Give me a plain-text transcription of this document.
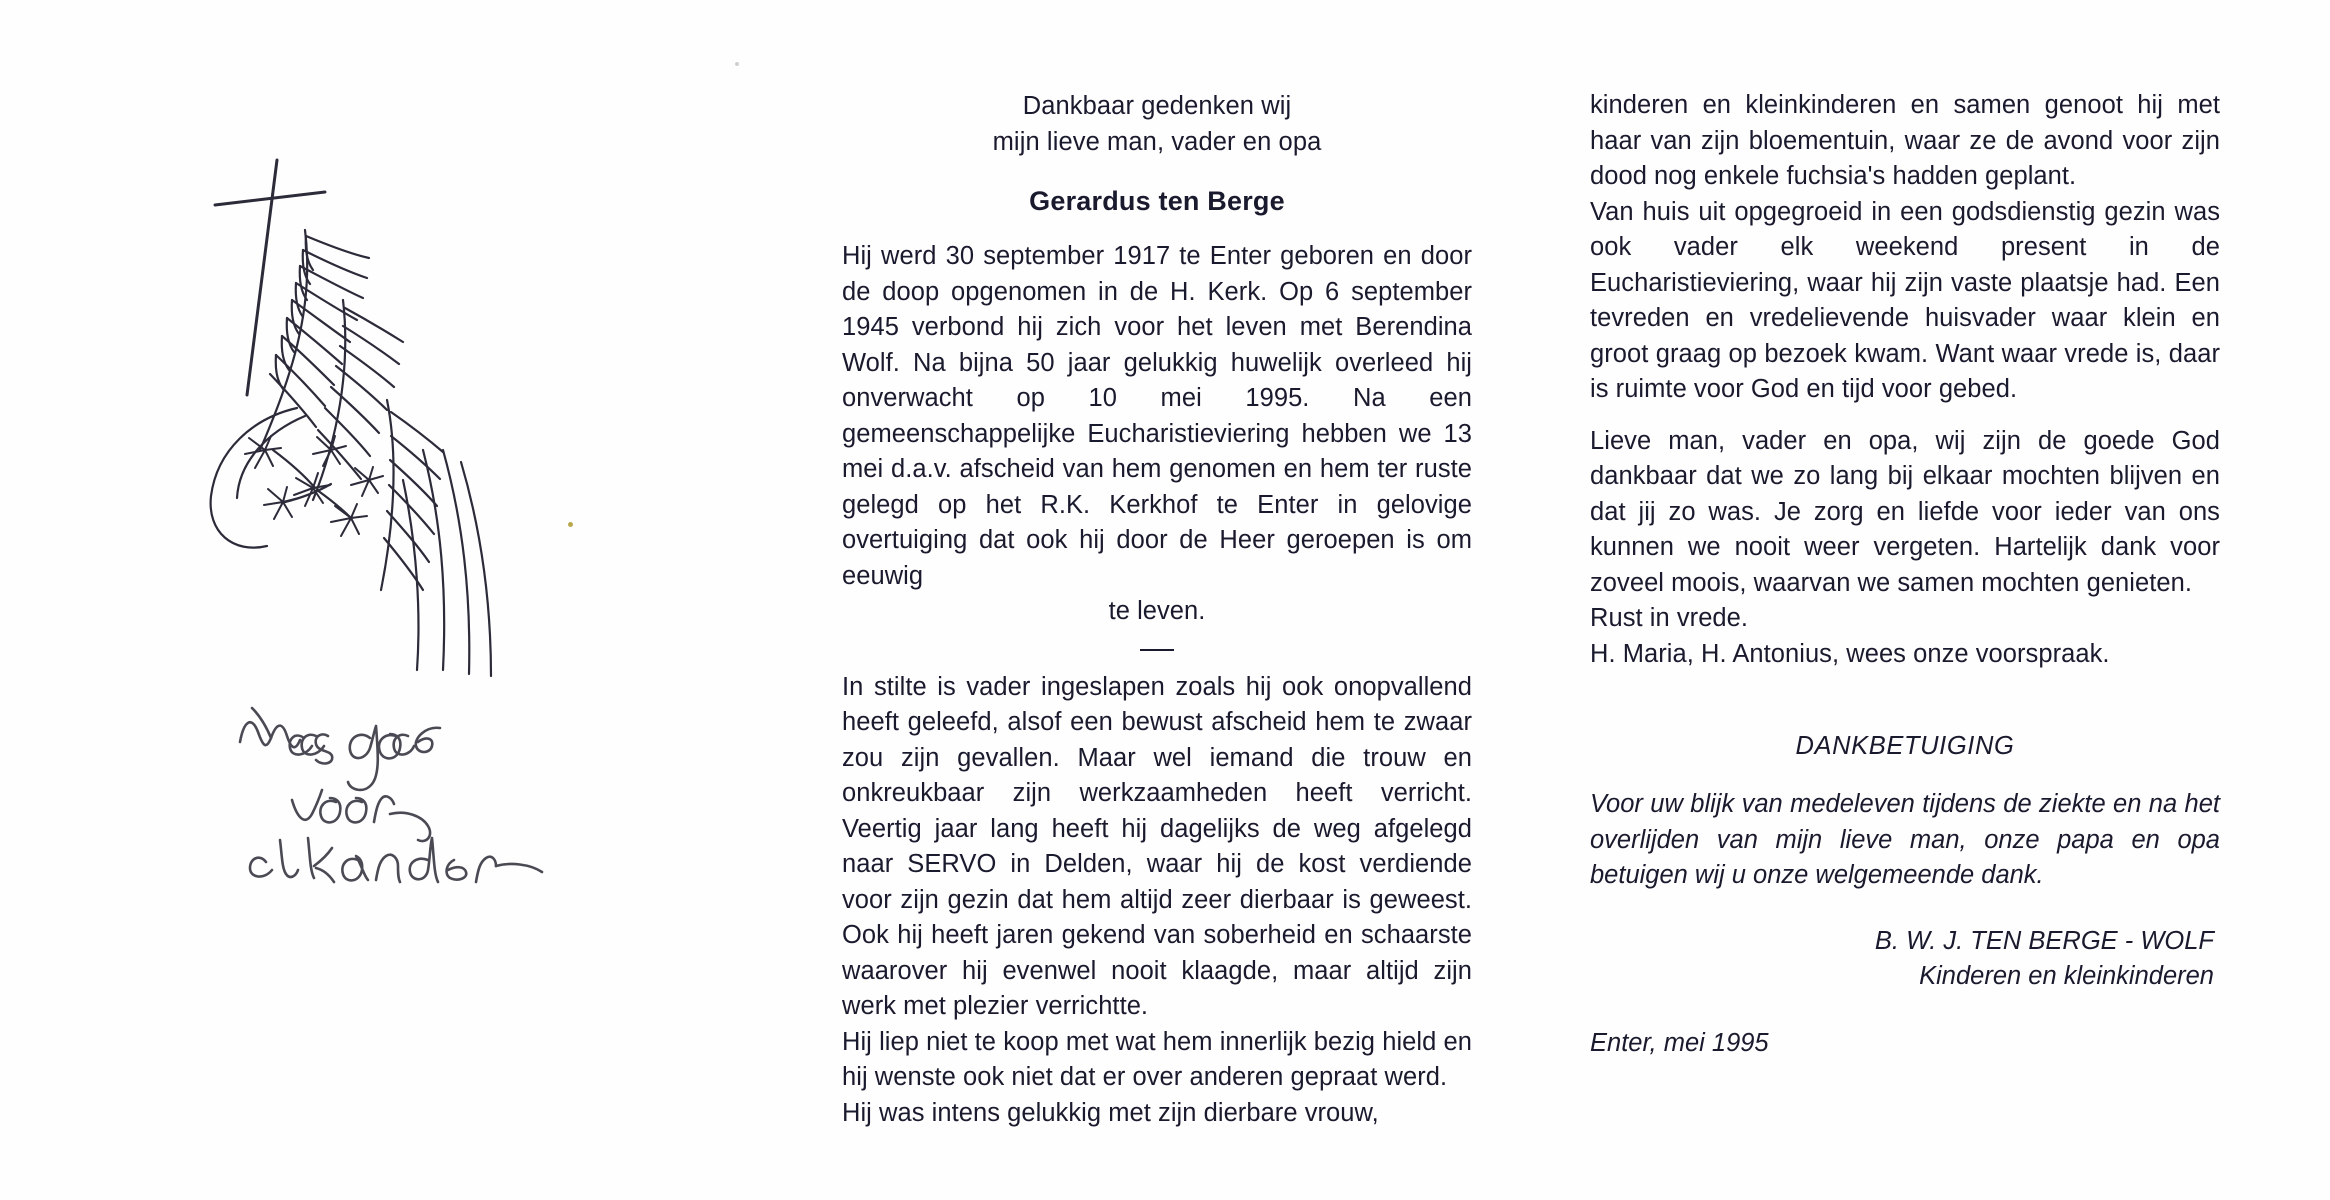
Dankbaar gedenken wij
mijn lieve man, vader en opa
Gerardus ten Berge

Hij werd 30 september 1917 te Enter geboren en door de doop opgenomen in de H. Kerk. Op 6 september 1945 verbond hij zich voor het leven met Berendina Wolf. Na bijna 50 jaar gelukkig huwelijk overleed hij onverwacht op 10 mei 1995. Na een gemeenschappelijke Eucharistieviering hebben we 13 mei d.a.v. afscheid van hem genomen en hem ter ruste gelegd op het R.K. Kerkhof te Enter in gelovige overtuiging dat ook hij door de Heer geroepen is om eeuwig

te leven.

In stilte is vader ingeslapen zoals hij ook onopvallend heeft geleefd, alsof een bewust afscheid hem te zwaar zou zijn gevallen. Maar wel iemand die trouw en onkreukbaar zijn werkzaamheden heeft verricht. Veertig jaar lang heeft hij dagelijks de weg afgelegd naar SERVO in Delden, waar hij de kost verdiende voor zijn gezin dat hem altijd zeer dierbaar is geweest. Ook hij heeft jaren gekend van soberheid en schaarste waarover hij evenwel nooit klaagde, maar altijd zijn werk met plezier verrichtte.

Hij liep niet te koop met wat hem innerlijk bezig hield en hij wenste ook niet dat er over anderen gepraat werd.

Hij was intens gelukkig met zijn dierbare vrouw,

kinderen en kleinkinderen en samen genoot hij met haar van zijn bloementuin, waar ze de avond voor zijn dood nog enkele fuchsia's hadden geplant.

Van huis uit opgegroeid in een godsdienstig gezin was ook vader elk weekend present in de Eucharistieviering, waar hij zijn vaste plaatsje had. Een tevreden en vredelievende huisvader waar klein en groot graag op bezoek kwam. Want waar vrede is, daar is ruimte voor God en tijd voor gebed.

Lieve man, vader en opa, wij zijn de goede God dankbaar dat we zo lang bij elkaar mochten blijven en dat jij zo was. Je zorg en liefde voor ieder van ons kunnen we nooit weer vergeten. Hartelijk dank voor zoveel moois, waarvan we samen mochten genieten.

Rust in vrede.

H. Maria, H. Antonius, wees onze voorspraak.

DANKBETUIGING

Voor uw blijk van medeleven tijdens de ziekte en na het overlijden van mijn lieve man, onze papa en opa betuigen wij u onze welgemeende dank.

B. W. J. TEN BERGE - WOLF
Kinderen en kleinkinderen
Enter, mei 1995
